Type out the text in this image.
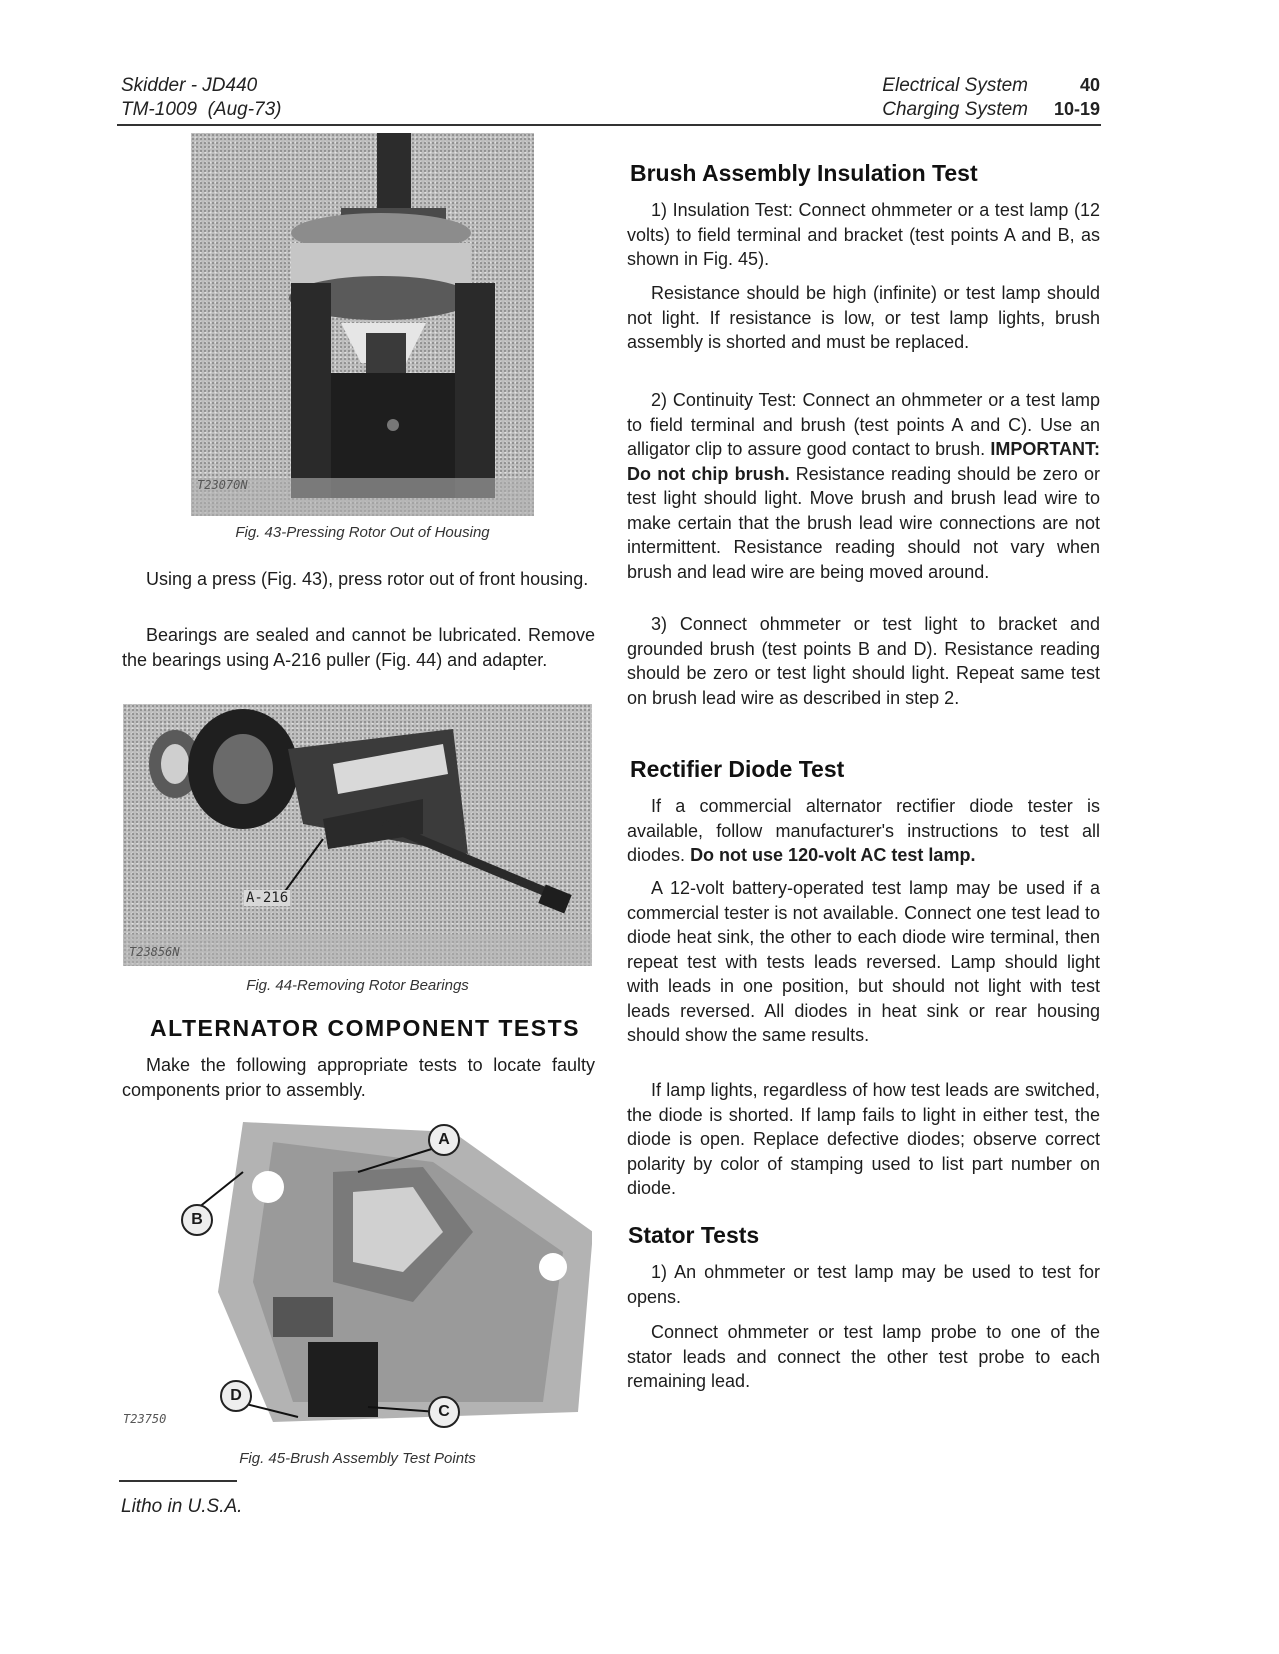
Skidder - JD440
TM-1009  (Aug-73)
Electrical System
Charging System
40
10-19
T23070N
Fig. 43-Pressing Rotor Out of Housing
Using a press (Fig. 43), press rotor out of front housing.
Bearings are sealed and cannot be lubricated. Remove the bearings using A-216 puller (Fig. 44) and adapter.
A-216
T23856N
Fig. 44-Removing Rotor Bearings
ALTERNATOR COMPONENT TESTS
Make the following appropriate tests to locate faulty components prior to assembly.
A
B
C
D
T23750
Fig. 45-Brush Assembly Test Points
Brush Assembly Insulation Test
1) Insulation Test: Connect ohmmeter or a test lamp (12 volts) to field terminal and bracket (test points A and B, as shown in Fig. 45).
Resistance should be high (infinite) or test lamp should not light. If resistance is low, or test lamp lights, brush assembly is shorted and must be replaced.
2) Continuity Test: Connect an ohmmeter or a test lamp to field terminal and brush (test points A and C). Use an alligator clip to assure good contact to brush. IMPORTANT: Do not chip brush. Resistance reading should be zero or test light should light. Move brush and brush lead wire to make certain that the brush lead wire connections are not intermittent. Resistance reading should not vary when brush and lead wire are being moved around.
3) Connect ohmmeter or test light to bracket and grounded brush (test points B and D). Resistance reading should be zero or test light should light. Repeat same test on brush lead wire as described in step 2.
Rectifier Diode Test
If a commercial alternator rectifier diode tester is available, follow manufacturer's instructions to test all diodes. Do not use 120-volt AC test lamp.
A 12-volt battery-operated test lamp may be used if a commercial tester is not available. Connect one test lead to diode heat sink, the other to each diode wire terminal, then repeat test with tests leads reversed. Lamp should light with leads in one position, but should not light with test leads reversed. All diodes in heat sink or rear housing should show the same results.
If lamp lights, regardless of how test leads are switched, the diode is shorted. If lamp fails to light in either test, the diode is open. Replace defective diodes; observe correct polarity by color of stamping used to list part number on diode.
Stator Tests
1) An ohmmeter or test lamp may be used to test for opens.
Connect ohmmeter or test lamp probe to one of the stator leads and connect the other test probe to each remaining lead.
Litho in U.S.A.
